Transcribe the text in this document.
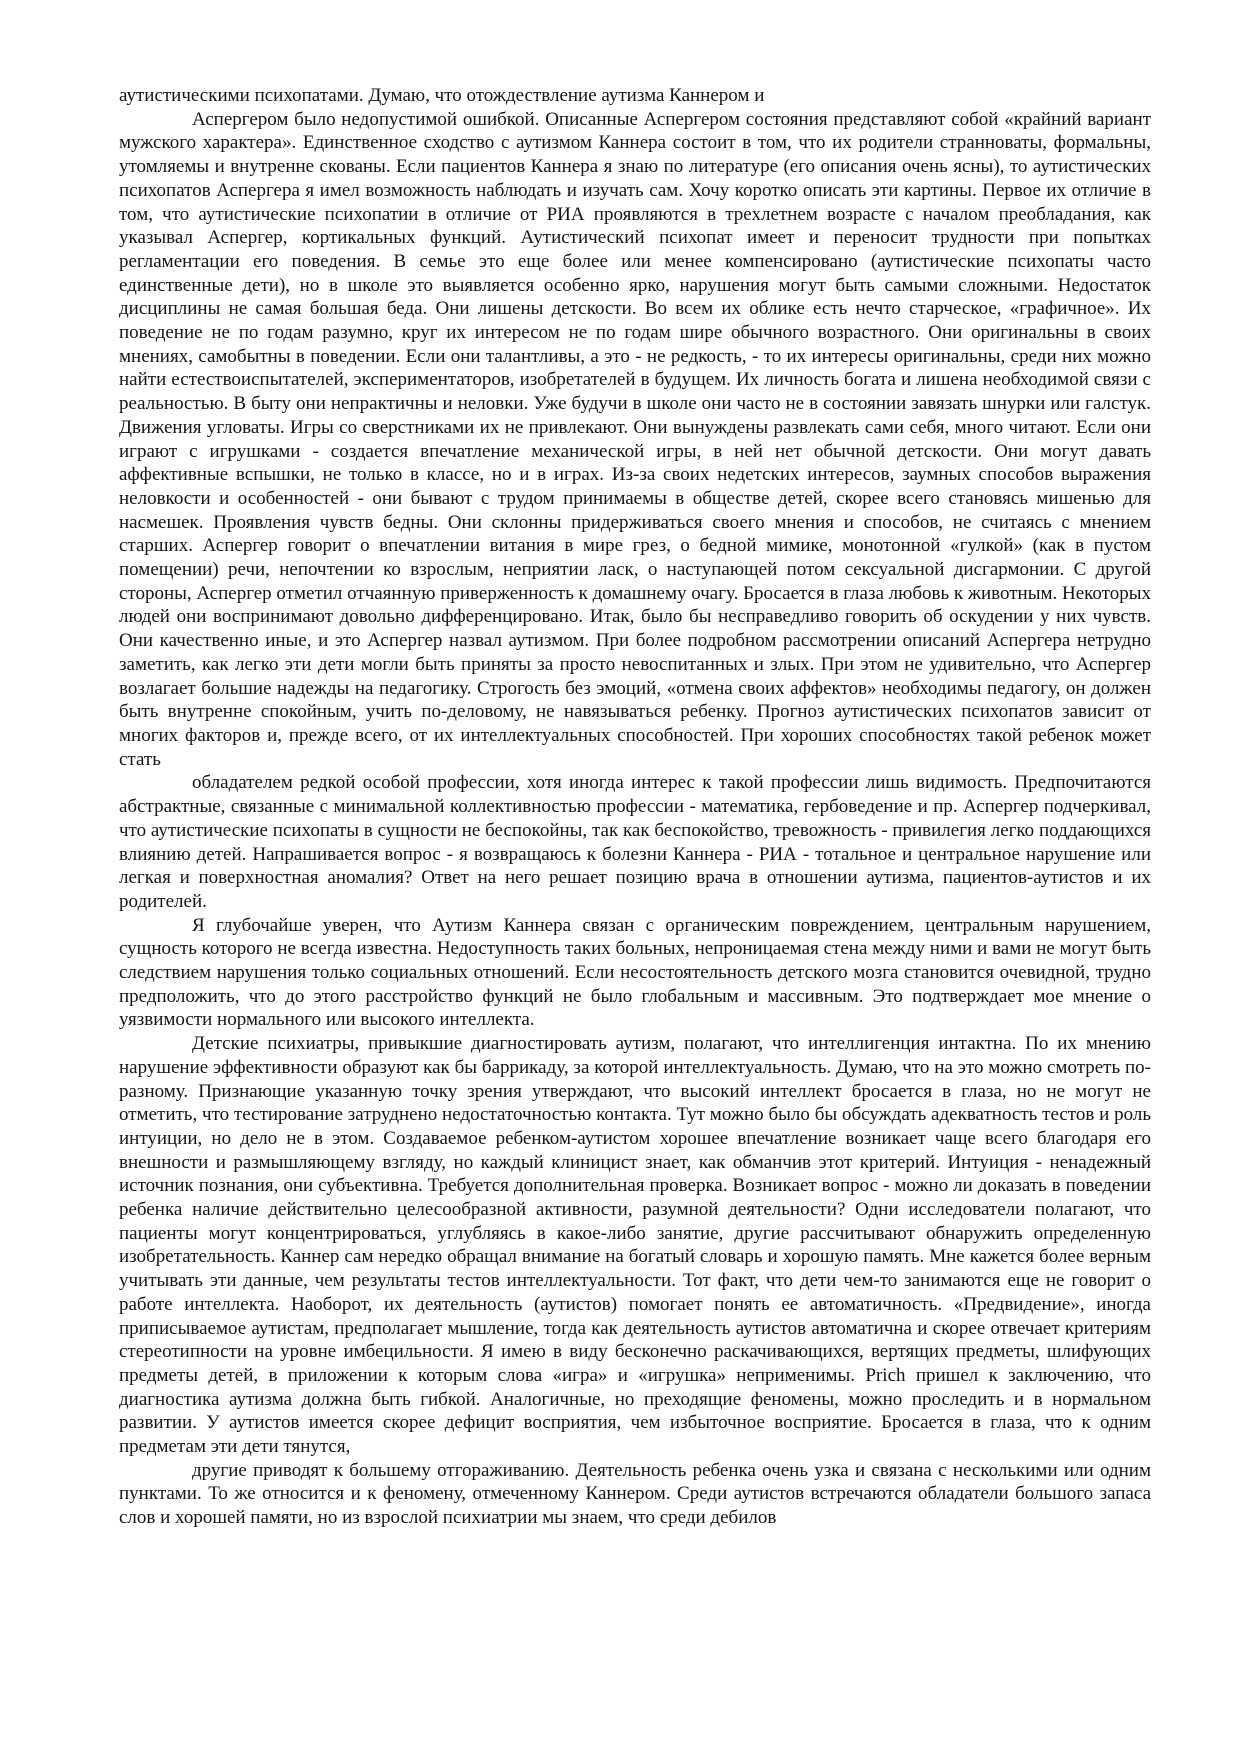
аутистическими психопатами. Думаю, что отождествление аутизма Каннером и

Аспергером было недопустимой ошибкой. Описанные Аспергером состояния представляют собой «крайний вариант мужского характера». Единственное сходство с аутизмом Каннера состоит в том, что их родители странноваты, формальны, утомляемы и внутренне скованы. Если пациентов Каннера я знаю по литературе (его описания очень ясны), то аутистических психопатов Аспергера я имел возможность наблюдать и изучать сам. Хочу коротко описать эти картины. Первое их отличие в том, что аутистические психопатии в отличие от РИА проявляются в трехлетнем возрасте с началом преобладания, как указывал Аспергер, кортикальных функций. Аутистический психопат имеет и переносит трудности при попытках регламентации его поведения. В семье это еще более или менее компенсировано (аутистические психопаты часто единственные дети), но в школе это выявляется особенно ярко, нарушения могут быть самыми сложными. Недостаток дисциплины не самая большая беда. Они лишены детскости. Во всем их облике есть нечто старческое, «графичное». Их поведение не по годам разумно, круг их интересом не по годам шире обычного возрастного. Они оригинальны в своих мнениях, самобытны в поведении. Если они талантливы, а это - не редкость, - то их интересы оригинальны, среди них можно найти естествоиспытателей, экспериментаторов, изобретателей в будущем. Их личность богата и лишена необходимой связи с реальностью. В быту они непрактичны и неловки. Уже будучи в школе они часто не в состоянии завязать шнурки или галстук. Движения угловаты. Игры со сверстниками их не привлекают. Они вынуждены развлекать сами себя, много читают. Если они играют с игрушками - создается впечатление механической игры, в ней нет обычной детскости. Они могут давать аффективные вспышки, не только в классе, но и в играх. Из-за своих недетских интересов, заумных способов выражения неловкости и особенностей - они бывают с трудом принимаемы в обществе детей, скорее всего становясь мишенью для насмешек. Проявления чувств бедны. Они склонны придерживаться своего мнения и способов, не считаясь с мнением старших. Аспергер говорит о впечатлении витания в мире грез, о бедной мимике, монотонной «гулкой» (как в пустом помещении) речи, непочтении ко взрослым, неприятии ласк, о наступающей потом сексуальной дисгармонии. С другой стороны, Аспергер отметил отчаянную приверженность к домашнему очагу. Бросается в глаза любовь к животным. Некоторых людей они воспринимают довольно дифференцировано. Итак, было бы несправедливо говорить об оскудении у них чувств. Они качественно иные, и это Аспергер назвал аутизмом. При более подробном рассмотрении описаний Аспергера нетрудно заметить, как легко эти дети могли быть приняты за просто невоспитанных и злых. При этом не удивительно, что Аспергер возлагает большие надежды на педагогику. Строгость без эмоций, «отмена своих аффектов» необходимы педагогу, он должен быть внутренне спокойным, учить по-деловому, не навязываться ребенку. Прогноз аутистических психопатов зависит от многих факторов и, прежде всего, от их интеллектуальных способностей. При хороших способностях такой ребенок может стать

обладателем редкой особой профессии, хотя иногда интерес к такой профессии лишь видимость. Предпочитаются абстрактные, связанные с минимальной коллективностью профессии - математика, гербоведение и пр. Аспергер подчеркивал, что аутистические психопаты в сущности не беспокойны, так как беспокойство, тревожность - привилегия легко поддающихся влиянию детей. Напрашивается вопрос - я возвращаюсь к болезни Каннера - РИА - тотальное и центральное нарушение или легкая и поверхностная аномалия? Ответ на него решает позицию врача в отношении аутизма, пациентов-аутистов и их родителей.

Я глубочайше уверен, что Аутизм Каннера связан с органическим повреждением, центральным нарушением, сущность которого не всегда известна. Недоступность таких больных, непроницаемая стена между ними и вами не могут быть следствием нарушения только социальных отношений. Если несостоятельность детского мозга становится очевидной, трудно предположить, что до этого расстройство функций не было глобальным и массивным. Это подтверждает мое мнение о уязвимости нормального или высокого интеллекта.

Детские психиатры, привыкшие диагностировать аутизм, полагают, что интеллигенция интактна. По их мнению нарушение эффективности образуют как бы баррикаду, за которой интеллектуальность. Думаю, что на это можно смотреть по-разному. Признающие указанную точку зрения утверждают, что высокий интеллект бросается в глаза, но не могут не отметить, что тестирование затруднено недостаточностью контакта. Тут можно было бы обсуждать адекватность тестов и роль интуиции, но дело не в этом. Создаваемое ребенком-аутистом хорошее впечатление возникает чаще всего благодаря его внешности и размышляющему взгляду, но каждый клиницист знает, как обманчив этот критерий. Интуиция - ненадежный источник познания, они субъективна. Требуется дополнительная проверка. Возникает вопрос - можно ли доказать в поведении ребенка наличие действительно целесообразной активности, разумной деятельности? Одни исследователи полагают, что пациенты могут концентрироваться, углубляясь в какое-либо занятие, другие рассчитывают обнаружить определенную изобретательность. Каннер сам нередко обращал внимание на богатый словарь и хорошую память. Мне кажется более верным учитывать эти данные, чем результаты тестов интеллектуальности. Тот факт, что дети чем-то занимаются еще не говорит о работе интеллекта. Наоборот, их деятельность (аутистов) помогает понять ее автоматичность. «Предвидение», иногда приписываемое аутистам, предполагает мышление, тогда как деятельность аутистов автоматична и скорее отвечает критериям стереотипности на уровне имбецильности. Я имею в виду бесконечно раскачивающихся, вертящих предметы, шлифующих предметы детей, в приложении к которым слова «игра» и «игрушка» неприменимы. Prich пришел к заключению, что диагностика аутизма должна быть гибкой. Аналогичные, но преходящие феномены, можно проследить и в нормальном развитии. У аутистов имеется скорее дефицит восприятия, чем избыточное восприятие. Бросается в глаза, что к одним предметам эти дети тянутся,

другие приводят к большему отгораживанию. Деятельность ребенка очень узка и связана с несколькими или одним пунктами. То же относится и к феномену, отмеченному Каннером. Среди аутистов встречаются обладатели большого запаса слов и хорошей памяти, но из взрослой психиатрии мы знаем, что среди дебилов
